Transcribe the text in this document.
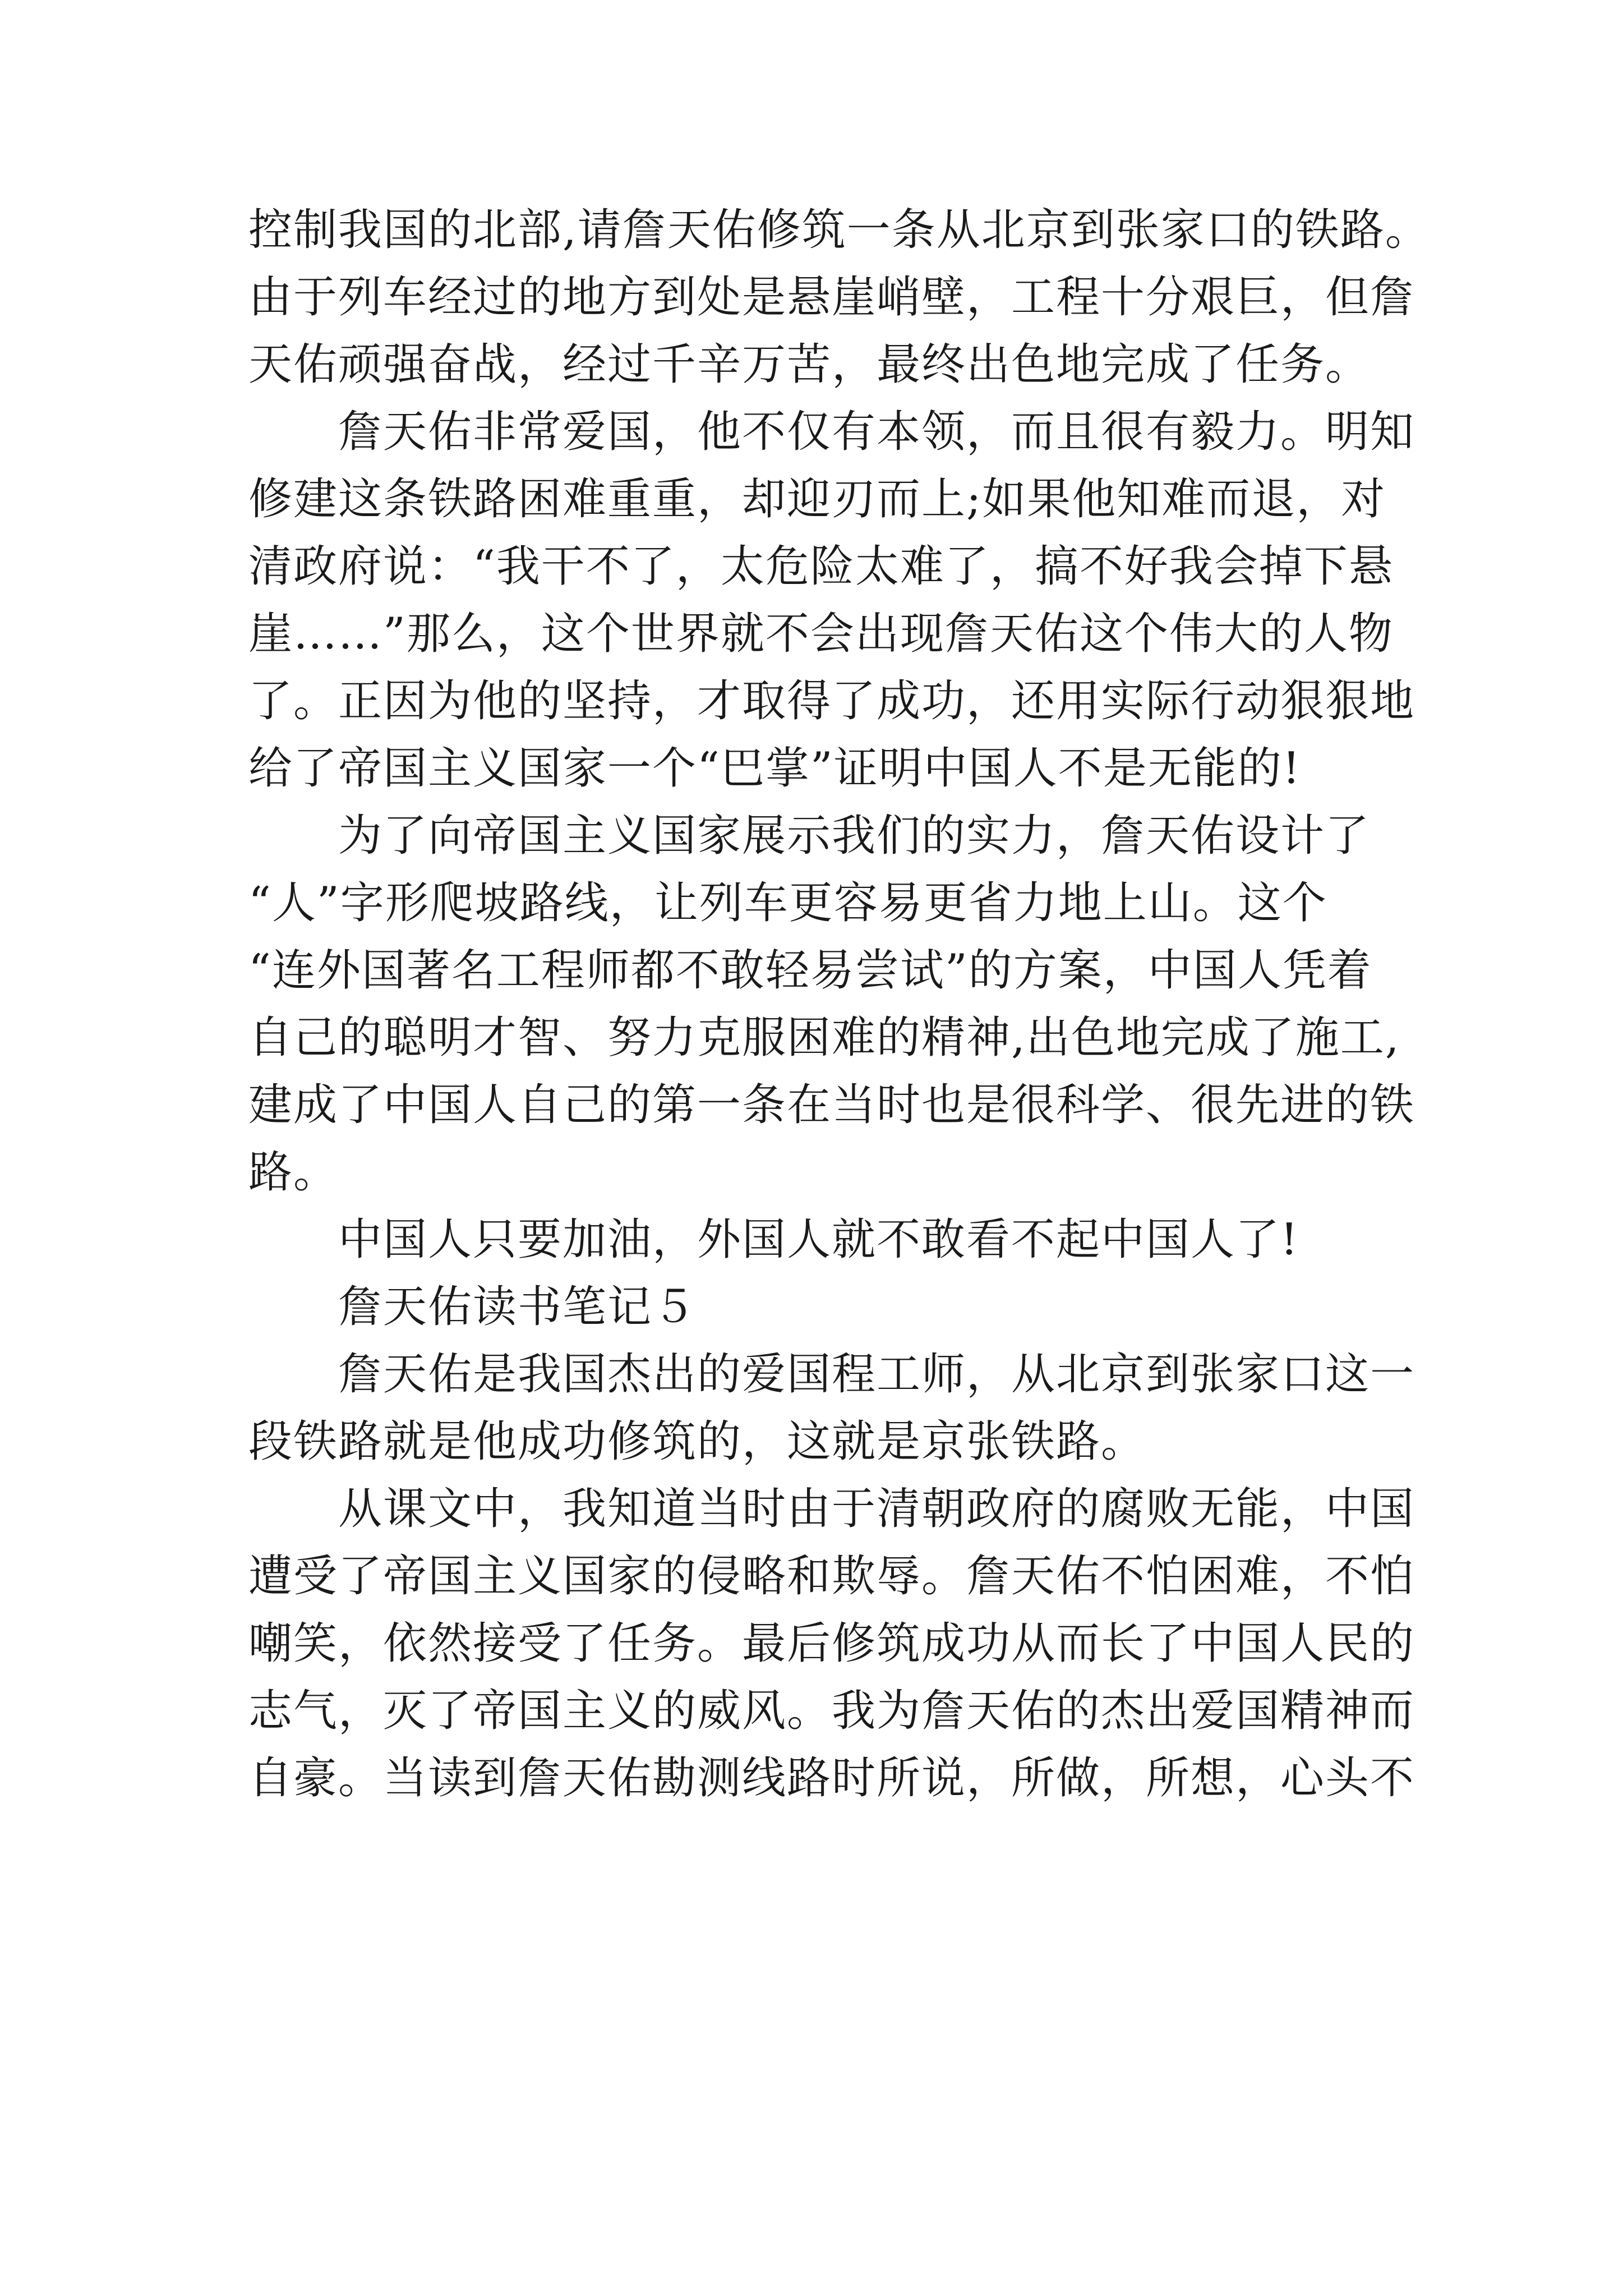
控制我国的北部,请詹天佑修筑一条从北京到张家口的铁路。
由于列车经过的地方到处是悬崖峭壁，工程十分艰巨，但詹
天佑顽强奋战，经过千辛万苦，最终出色地完成了任务。

詹天佑非常爱国，他不仅有本领，而且很有毅力。明知
修建这条铁路困难重重，却迎刃而上;如果他知难而退，对
清政府说：“我干不了，太危险太难了，搞不好我会掉下悬
崖……”那么，这个世界就不会出现詹天佑这个伟大的人物
了。正因为他的坚持，才取得了成功，还用实际行动狠狠地
给了帝国主义国家一个“巴掌”证明中国人不是无能的!

为了向帝国主义国家展示我们的实力，詹天佑设计了
“人”字形爬坡路线，让列车更容易更省力地上山。这个
“连外国著名工程师都不敢轻易尝试”的方案，中国人凭着
自己的聪明才智、努力克服困难的精神,出色地完成了施工,
建成了中国人自己的第一条在当时也是很科学、很先进的铁
路。

中国人只要加油，外国人就不敢看不起中国人了!

詹天佑读书笔记５

詹天佑是我国杰出的爱国程工师，从北京到张家口这一
段铁路就是他成功修筑的，这就是京张铁路。

从课文中，我知道当时由于清朝政府的腐败无能，中国
遭受了帝国主义国家的侵略和欺辱。詹天佑不怕困难，不怕
嘲笑，依然接受了任务。最后修筑成功从而长了中国人民的
志气，灭了帝国主义的威风。我为詹天佑的杰出爱国精神而
自豪。当读到詹天佑勘测线路时所说，所做，所想，心头不
